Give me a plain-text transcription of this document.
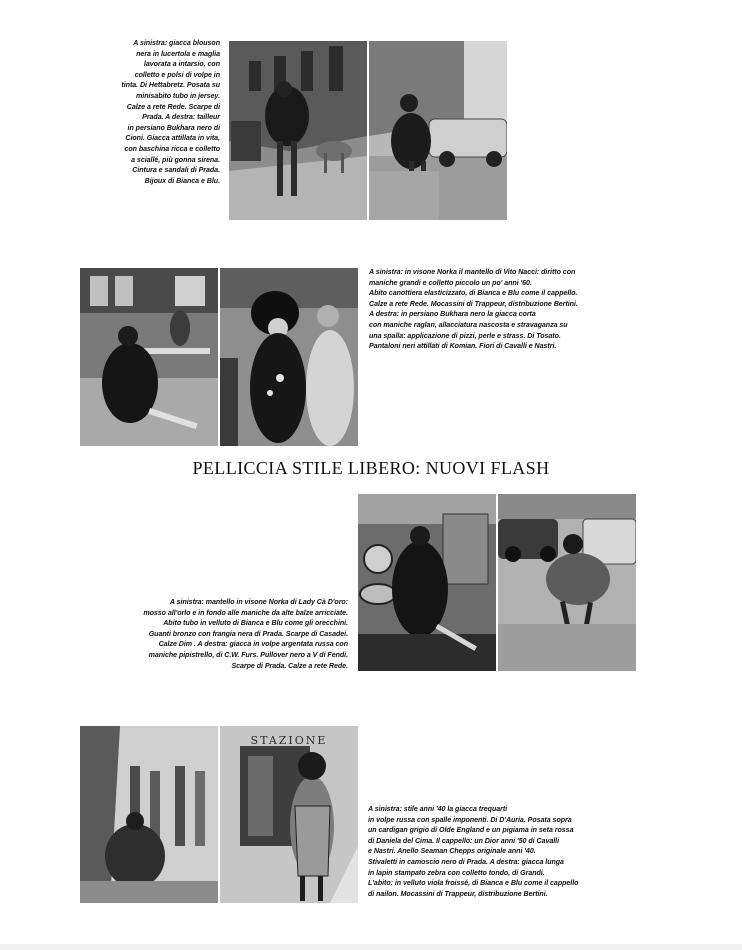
A sinistra: giacca blouson
nera in lucertola e maglia
lavorata a intarsio, con
colletto e polsi di volpe in
tinta. Di Hettabretz. Posata su
minisabito tubo in jersey.
Calze a rete Rede. Scarpe di
Prada. A destra: tailleur
in persiano Bukhara nero di
Cioni. Giacca attillata in vita,
con baschina ricca e colletto
a sciallé, più gonna sirena.
Cintura e sandali di Prada.
Bijoux di Bianca e Blu.
A sinistra: in visone Norka il mantello di Vito Nacci: diritto con
maniche grandi e colletto piccolo un po' anni '60.
Abito canottiera elasticizzato, di Bianca e Blu come il cappello.
Calze a rete Rede. Mocassini di Trappeur, distribuzione Bertini.
A destra: in persiano Bukhara nero la giacca corta
con maniche raglan, allacciatura nascosta e stravaganza su
una spalla: applicazione di pizzi, perle e strass. Di Tosato.
Pantaloni neri attillati di Komian. Fiori di Cavalli e Nastri.
PELLICCIA STILE LIBERO: NUOVI FLASH
A sinistra: mantello in visone Norka di Lady Cà D'oro:
mosso all'orlo e in fondo alle maniche da alte balze arricciate.
Abito tubo in velluto di Bianca e Blu come gli orecchini.
Guanti bronzo con frangia nera di Prada. Scarpe di Casadei.
Calze Dim . A destra: giacca in volpe argentata russa con
maniche pipistrello, di C.W. Furs. Pullover nero a V di Fendi.
Scarpe di Prada. Calze a rete Rede.
STAZIONE
A sinistra: stile anni '40 la giacca trequarti
in volpe russa con spalle imponenti. Di D'Auria. Posata sopra
un cardigan grigio di Olde England e un pigiama in seta rossa
di Daniela del Cima. Il cappello: un Dior anni '50 di Cavalli
e Nastri. Anello Seaman Chepps originale anni '40.
Stivaletti in camoscio nero di Prada. A destra: giacca lunga
in lapin stampato zebra con colletto tondo, di Grandi.
L'abito: in velluto viola froissé, di Bianca e Blu come il cappello
di nailon. Mocassini di Trappeur, distribuzione Bertini.
